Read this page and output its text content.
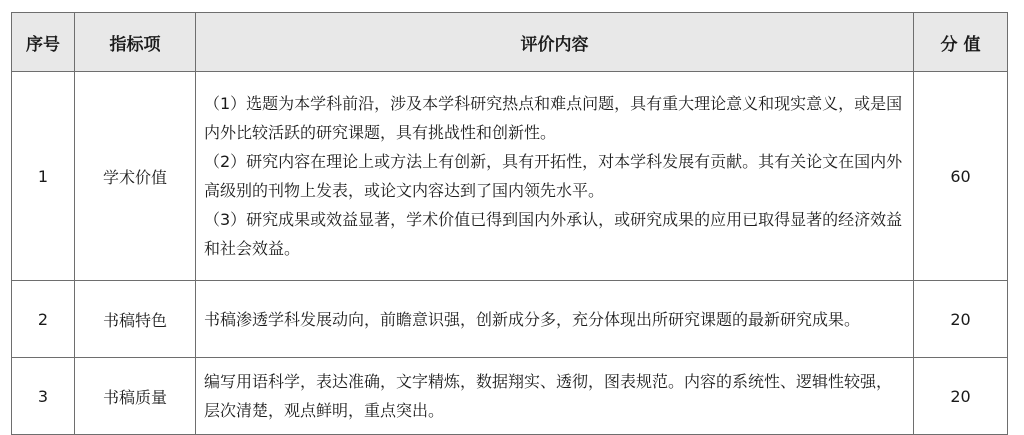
序号	指标项	评价内容	分 值
1	学术价值	（1）选题为本学科前沿，涉及本学科研究热点和难点问题，具有重大理论意义和现实意义，或是国内外比较活跃的研究课题，具有挑战性和创新性。
（2）研究内容在理论上或方法上有创新，具有开拓性，对本学科发展有贡献。其有关论文在国内外高级别的刊物上发表，或论文内容达到了国内领先水平。
（3）研究成果或效益显著，学术价值已得到国内外承认，或研究成果的应用已取得显著的经济效益和社会效益。	60
2	书稿特色	书稿渗透学科发展动向，前瞻意识强，创新成分多，充分体现出所研究课题的最新研究成果。	20
3	书稿质量	编写用语科学，表达准确，文字精炼，数据翔实、透彻，图表规范。内容的系统性、逻辑性较强，层次清楚，观点鲜明，重点突出。	20
